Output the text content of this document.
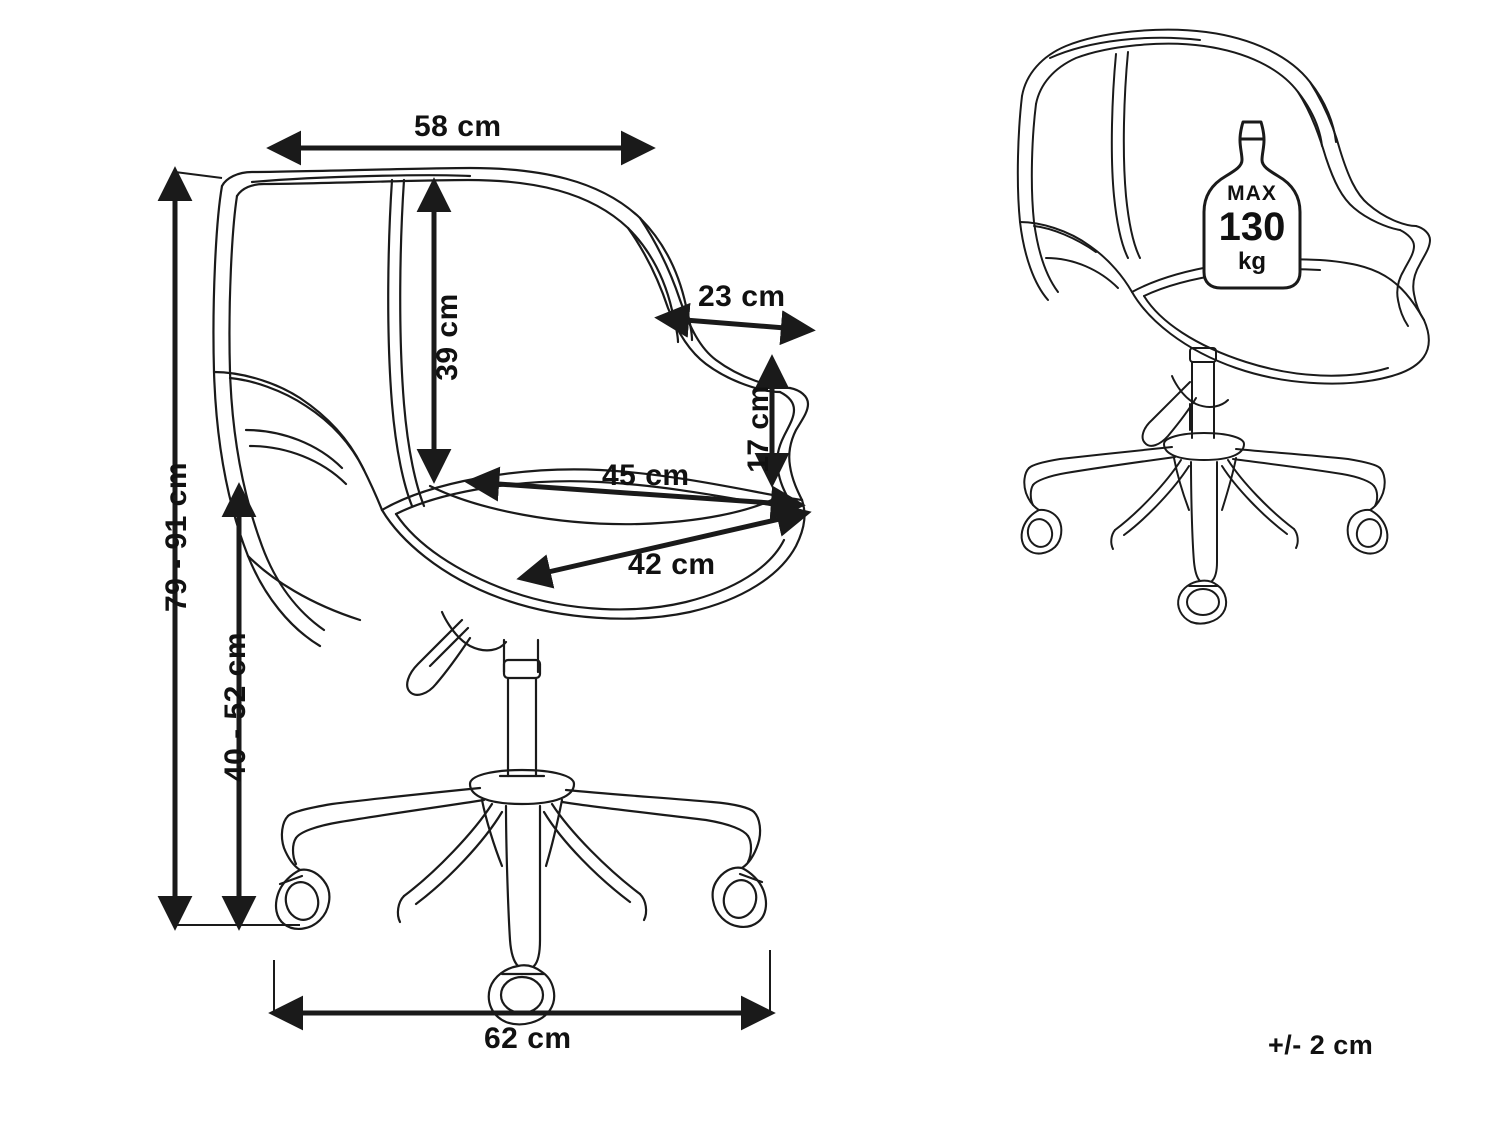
MAX
130
kg
58 cm
39 cm	23 cm
17 cm
45 cm
42 cm
79 - 91 cm
40 - 52 cm
62 cm	+/- 2 cm
